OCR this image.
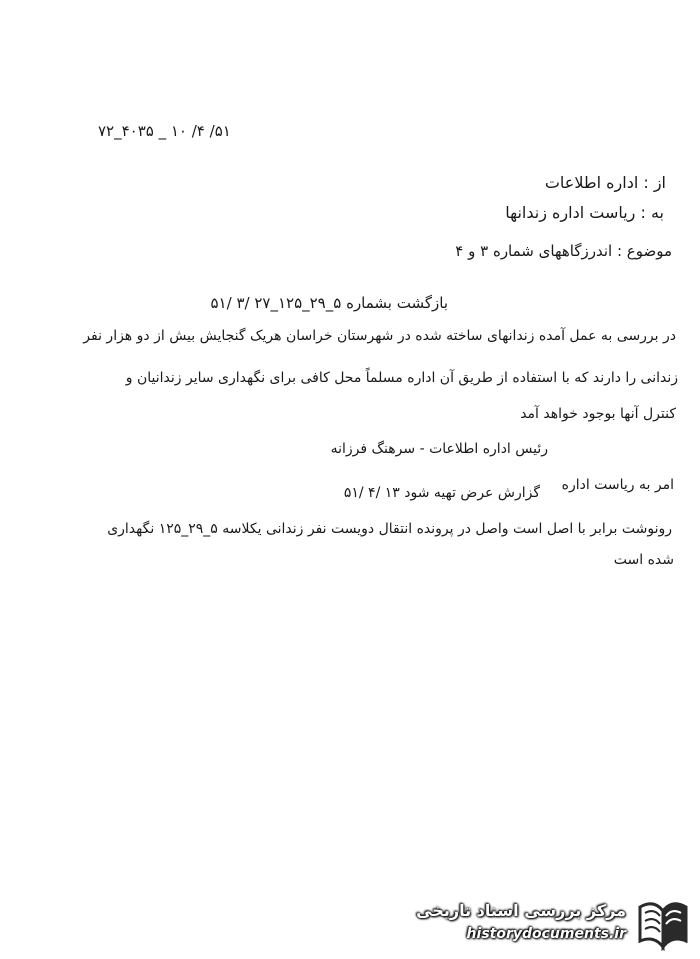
۷۲_۴۰۳۵ _ ۱۰ /۴ /۵۱
از : اداره اطلاعات
به : ریاست اداره زندانها
موضوع : اندرزگاههای شماره ۳ و ۴
بازگشت بشماره ۵_۲۹_۱۲۵_۲۷ /۳ /۵۱
در بررسی به عمل آمده زندانهای ساخته شده در شهرستان خراسان هریک گنجایش بیش از دو هزار نفر
زندانی را دارند که با استفاده از طریق آن اداره مسلماً محل کافی برای نگهداری سایر زندانیان و
کنترل آنها بوجود خواهد آمد
رئیس اداره اطلاعات - سرهنگ فرزانه
امر به ریاست اداره
گزارش عرض تهیه شود ۱۳ /۴ /۵۱
رونوشت برابر با اصل است واصل در پرونده انتقال دویست نفر زندانی یکلاسه ۵_۲۹_۱۲۵ نگهداری
شده است
مرکز بررسی اسناد تاریخی
historydocuments.ir
